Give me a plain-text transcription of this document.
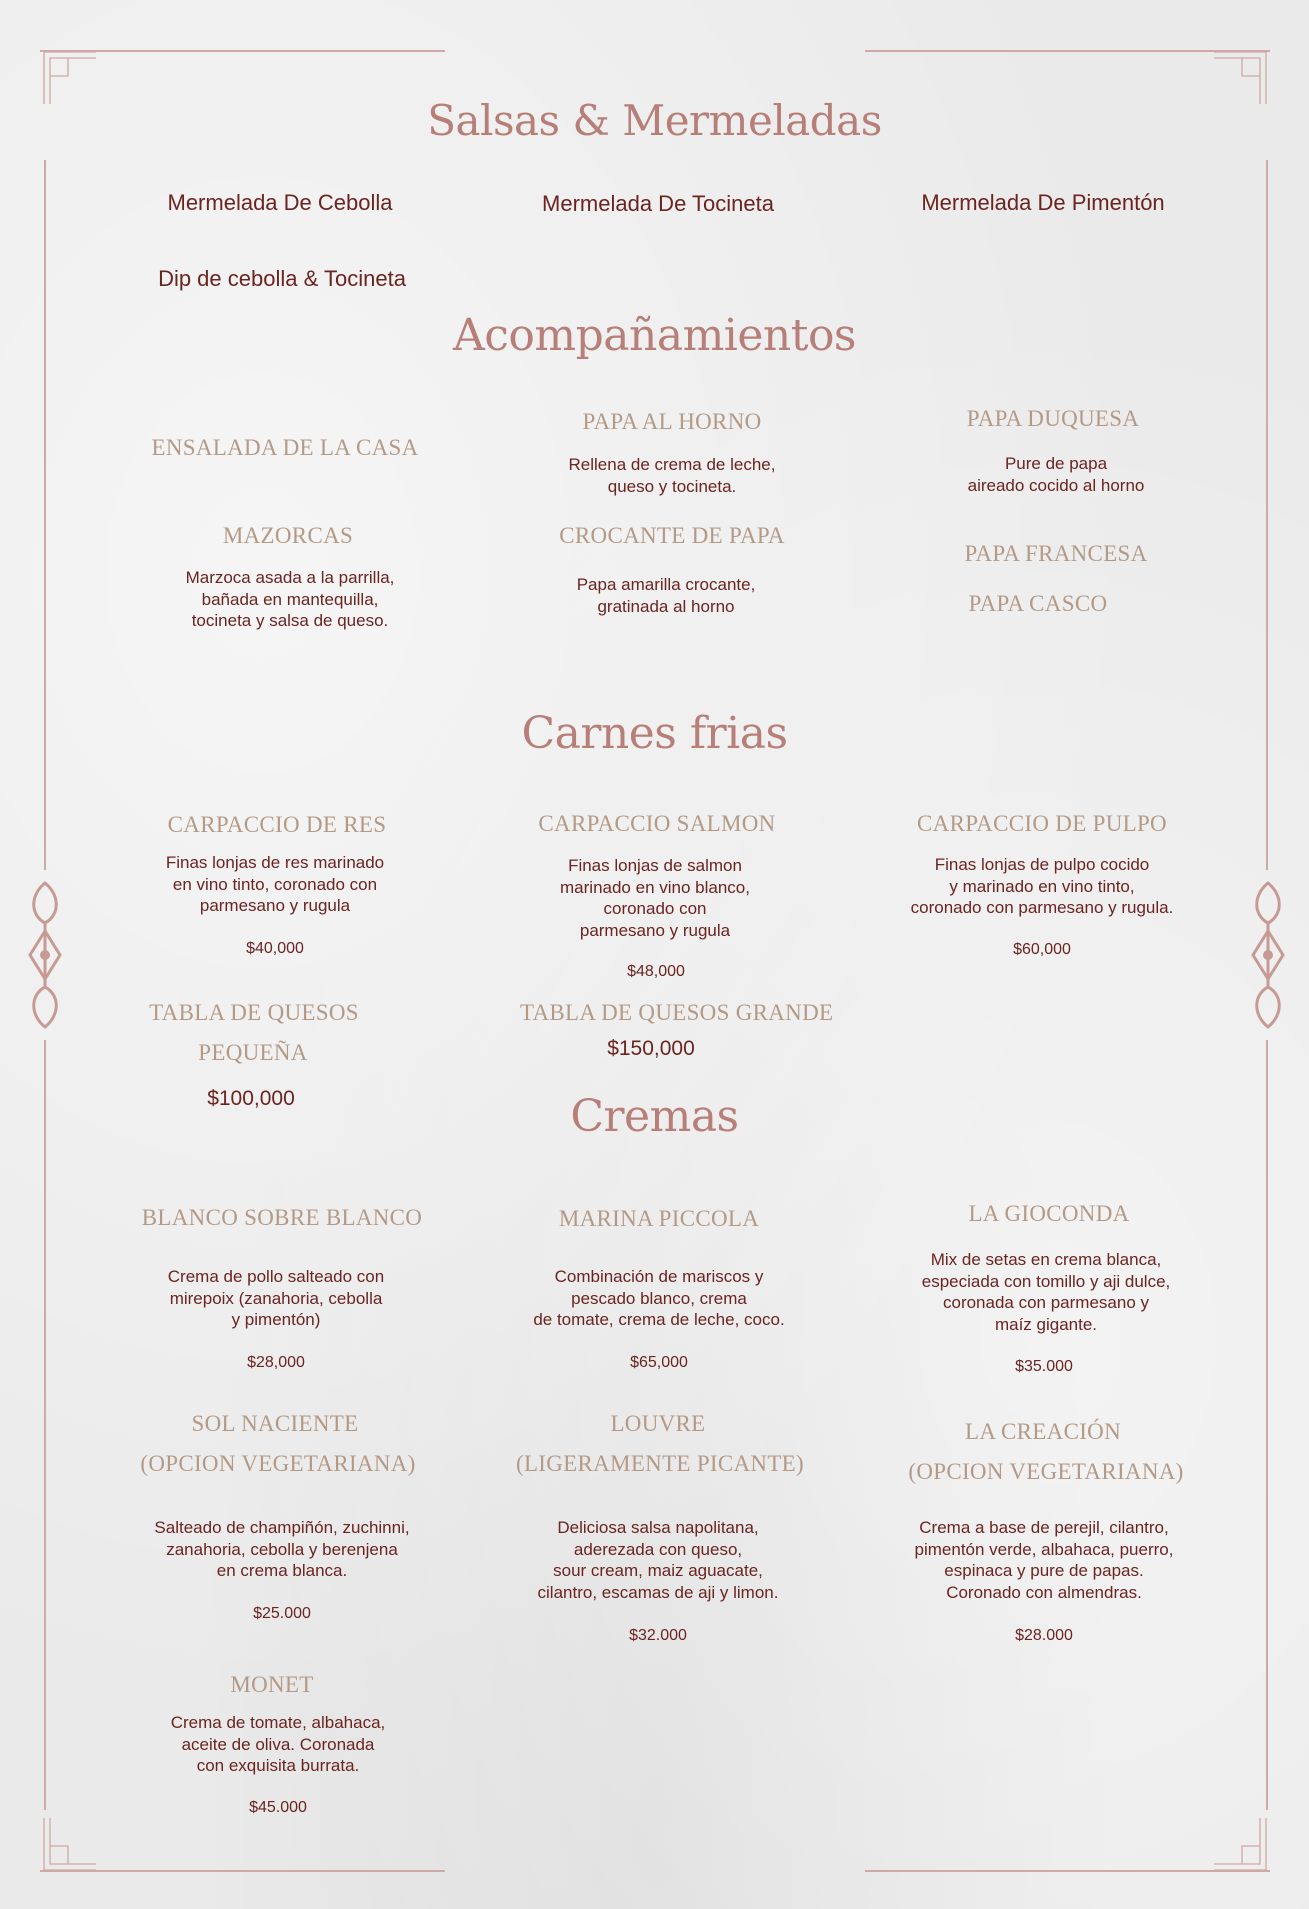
Salsas & Mermeladas
Mermelada De Cebolla	Mermelada De Tocineta	Mermelada De Pimentón
Dip de cebolla & Tocineta
Acompañamientos
ENSALADA DE LA CASA
PAPA AL HORNO
Rellena de crema de leche,
queso y tocineta.
PAPA DUQUESA
Pure de papa
aireado cocido al horno
MAZORCAS
Marzoca asada a la parrilla,
bañada en mantequilla,
tocineta y salsa de queso.
CROCANTE DE PAPA
Papa amarilla crocante,
gratinada al horno
PAPA FRANCESA
PAPA CASCO
Carnes frias
CARPACCIO DE RES
Finas lonjas de res marinado
en vino tinto, coronado con
parmesano y rugula
$40,000
CARPACCIO SALMON
Finas lonjas de salmon
marinado en vino blanco,
coronado con
parmesano y rugula
$48,000
CARPACCIO DE PULPO
Finas lonjas de pulpo cocido
y marinado en vino tinto,
coronado con parmesano y rugula.
$60,000
TABLA DE QUESOS
PEQUEÑA
$100,000
TABLA DE QUESOS GRANDE
$150,000
Cremas
BLANCO SOBRE BLANCO
Crema de pollo salteado con
mirepoix (zanahoria, cebolla
y pimentón)
$28,000
MARINA PICCOLA
Combinación de mariscos y
pescado blanco, crema
de tomate, crema de leche, coco.
$65,000
LA GIOCONDA
Mix de setas en crema blanca,
especiada con tomillo y aji dulce,
coronada con parmesano y
maíz gigante.
$35.000
SOL NACIENTE
(OPCION VEGETARIANA)
Salteado de champiñón, zuchinni,
zanahoria, cebolla y berenjena
en crema blanca.
$25.000
LOUVRE
(LIGERAMENTE PICANTE)
Deliciosa salsa napolitana,
aderezada con queso,
sour cream, maiz aguacate,
cilantro, escamas de aji y limon.
$32.000
LA CREACIÓN
(OPCION VEGETARIANA)
Crema a base de perejil, cilantro,
pimentón verde, albahaca, puerro,
espinaca y pure de papas.
Coronado con almendras.
$28.000
MONET
Crema de tomate, albahaca,
aceite de oliva. Coronada
con exquisita burrata.
$45.000
